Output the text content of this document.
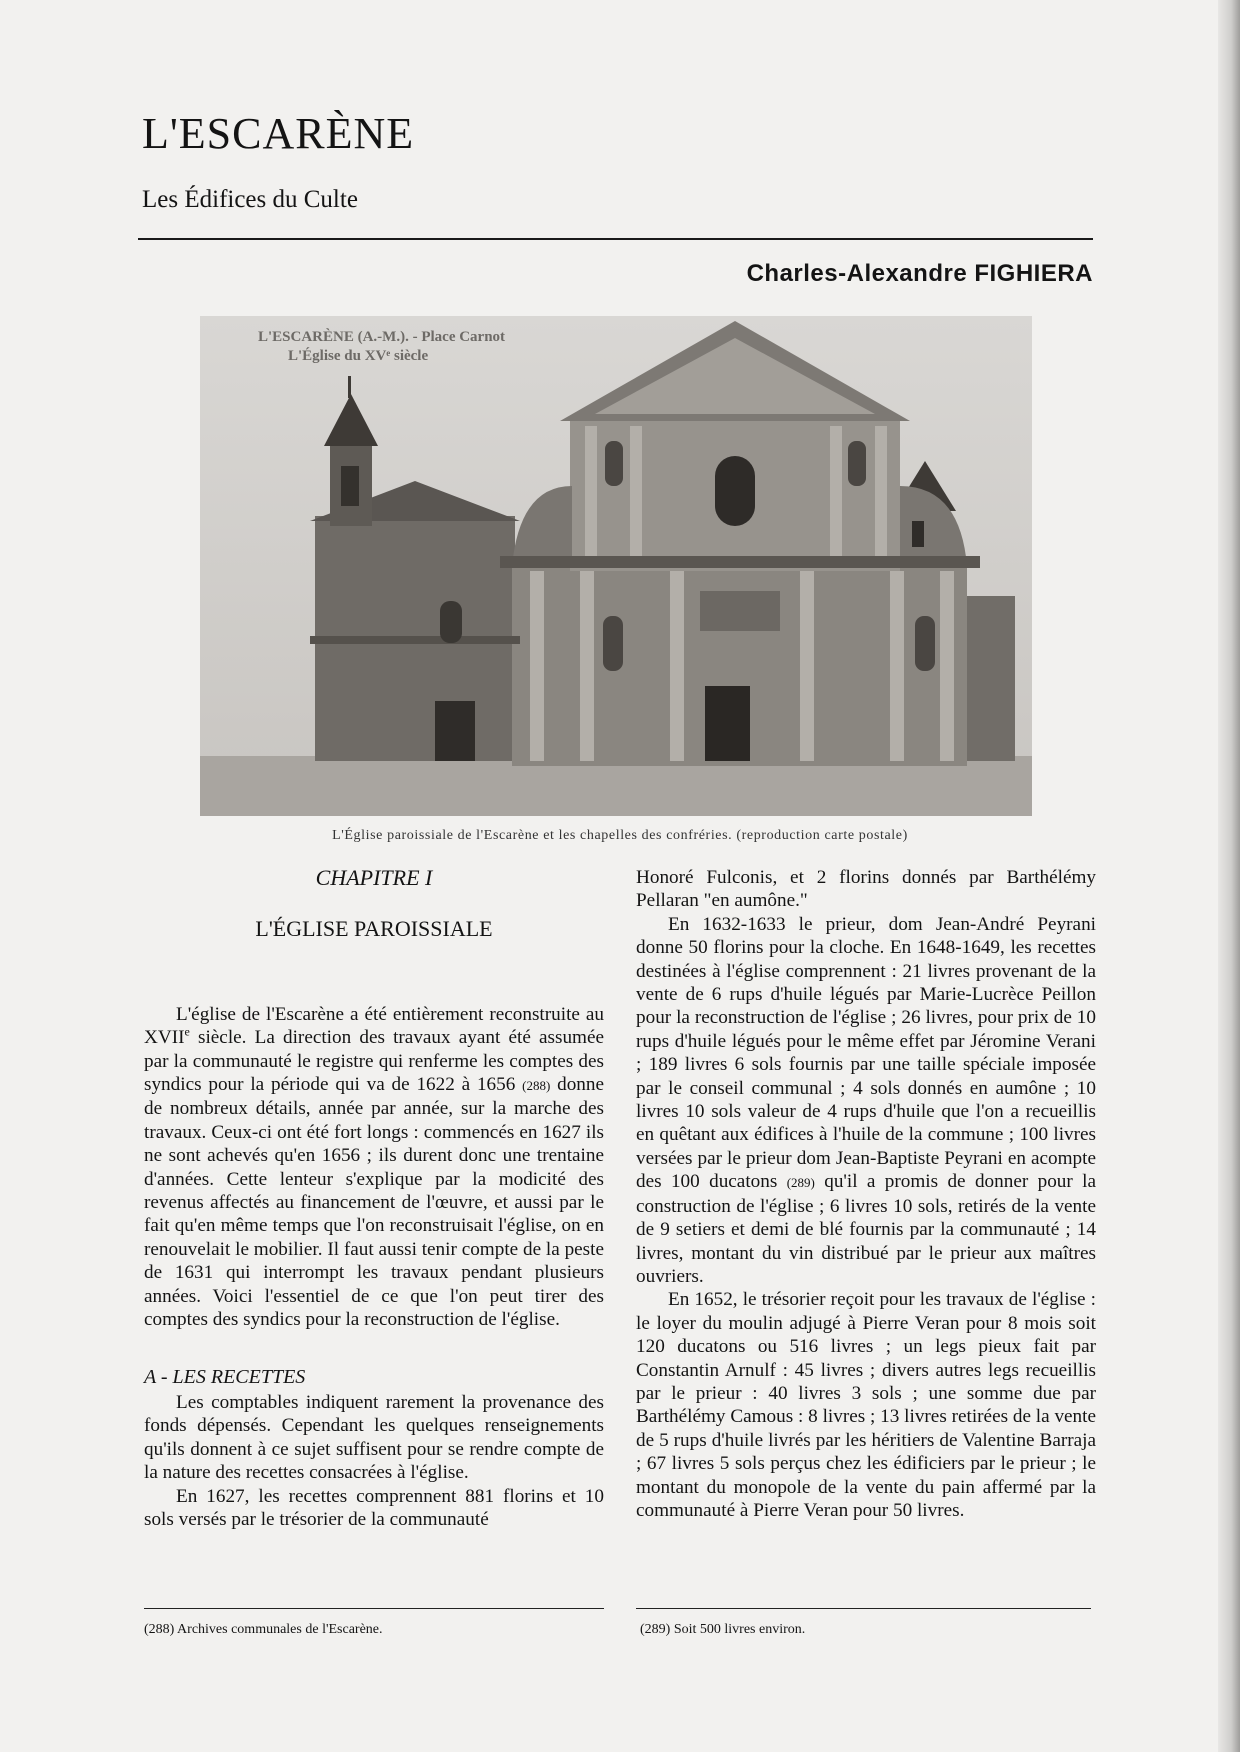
L'ESCARÈNE
Les Édifices du Culte
Charles-Alexandre FIGHIERA
L'ESCARÈNE (A.-M.). - Place Carnot
L'Église du XVᵉ siècle
L'Église paroissiale de l'Escarène et les chapelles des confréries. (reproduction carte postale)
CHAPITRE I
L'ÉGLISE PAROISSIALE

L'église de l'Escarène a été entièrement reconstruite au XVIIe siècle. La direction des travaux ayant été assumée par la communauté le registre qui renferme les comptes des syndics pour la période qui va de 1622 à 1656 (288) donne de nombreux détails, année par année, sur la marche des travaux. Ceux-ci ont été fort longs : commencés en 1627 ils ne sont achevés qu'en 1656 ; ils durent donc une trentaine d'années. Cette lenteur s'explique par la modicité des revenus affectés au financement de l'œuvre, et aussi par le fait qu'en même temps que l'on reconstruisait l'église, on en renouvelait le mobilier. Il faut aussi tenir compte de la peste de 1631 qui interrompt les travaux pendant plusieurs années. Voici l'essentiel de ce que l'on peut tirer des comptes des syndics pour la reconstruction de l'église.

A - LES RECETTES

Les comptables indiquent rarement la provenance des fonds dépensés. Cependant les quelques renseignements qu'ils donnent à ce sujet suffisent pour se rendre compte de la nature des recettes consacrées à l'église.

En 1627, les recettes comprennent 881 florins et 10 sols versés par le trésorier de la communauté

Honoré Fulconis, et 2 florins donnés par Barthélémy Pellaran "en aumône."

En 1632-1633 le prieur, dom Jean-André Peyrani donne 50 florins pour la cloche. En 1648-1649, les recettes destinées à l'église comprennent : 21 livres provenant de la vente de 6 rups d'huile légués par Marie-Lucrèce Peillon pour la reconstruction de l'église ; 26 livres, pour prix de 10 rups d'huile légués pour le même effet par Jéromine Verani ; 189 livres 6 sols fournis par une taille spéciale imposée par le conseil communal ; 4 sols donnés en aumône ; 10 livres 10 sols valeur de 4 rups d'huile que l'on a recueillis en quêtant aux édifices à l'huile de la commune ; 100 livres versées par le prieur dom Jean-Baptiste Peyrani en acompte des 100 ducatons (289) qu'il a promis de donner pour la construction de l'église ; 6 livres 10 sols, retirés de la vente de 9 setiers et demi de blé fournis par la communauté ; 14 livres, montant du vin distribué par le prieur aux maîtres ouvriers.

En 1652, le trésorier reçoit pour les travaux de l'église : le loyer du moulin adjugé à Pierre Veran pour 8 mois soit 120 ducatons ou 516 livres ; un legs pieux fait par Constantin Arnulf : 45 livres ; divers autres legs recueillis par le prieur : 40 livres 3 sols ; une somme due par Barthélémy Camous : 8 livres ; 13 livres retirées de la vente de 5 rups d'huile livrés par les héritiers de Valentine Barraja ; 67 livres 5 sols perçus chez les édificiers par le prieur ; le montant du monopole de la vente du pain affermé par la communauté à Pierre Veran pour 50 livres.

(288) Archives communales de l'Escarène.	(289) Soit 500 livres environ.
